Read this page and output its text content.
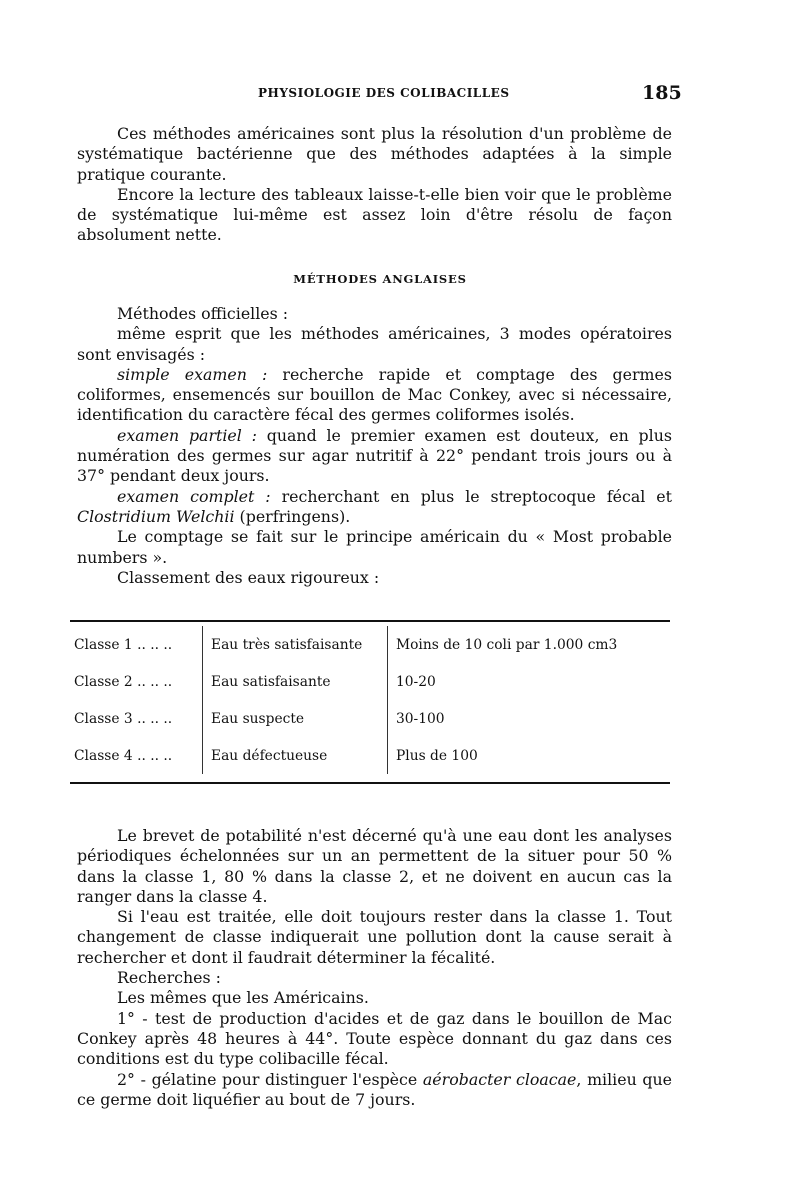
PHYSIOLOGIE DES COLIBACILLES	185

Ces méthodes américaines sont plus la résolution d'un problème de systématique bactérienne que des méthodes adaptées à la simple pratique courante.

Encore la lecture des tableaux laisse-t-elle bien voir que le problème de systématique lui-même est assez loin d'être résolu de façon absolument nette.

MÉTHODES ANGLAISES

Méthodes officielles :

même esprit que les méthodes américaines, 3 modes opératoires sont envisagés :

simple examen : recherche rapide et comptage des germes coliformes, ensemencés sur bouillon de Mac Conkey, avec si nécessaire, identification du caractère fécal des germes coliformes isolés.

examen partiel : quand le premier examen est douteux, en plus numération des germes sur agar nutritif à 22° pendant trois jours ou à 37° pendant deux jours.

examen complet : recherchant en plus le streptocoque fécal et Clostridium Welchii (perfringens).

Le comptage se fait sur le principe américain du « Most probable numbers ».

Classement des eaux rigoureux :

Classe 1 .. .. ..	Eau très satisfaisante	Moins de 10 coli par 1.000 cm3
Classe 2 .. .. ..	Eau satisfaisante	10-20
Classe 3 .. .. ..	Eau suspecte	30-100
Classe 4 .. .. ..	Eau défectueuse	Plus de 100

Le brevet de potabilité n'est décerné qu'à une eau dont les analyses périodiques échelonnées sur un an permettent de la situer pour 50 % dans la classe 1, 80 % dans la classe 2, et ne doivent en aucun cas la ranger dans la classe 4.

Si l'eau est traitée, elle doit toujours rester dans la classe 1. Tout changement de classe indiquerait une pollution dont la cause serait à rechercher et dont il faudrait déterminer la fécalité.

Recherches :

Les mêmes que les Américains.

1° - test de production d'acides et de gaz dans le bouillon de Mac Conkey après 48 heures à 44°. Toute espèce donnant du gaz dans ces conditions est du type colibacille fécal.

2° - gélatine pour distinguer l'espèce aérobacter cloacae, milieu que ce germe doit liquéfier au bout de 7 jours.
